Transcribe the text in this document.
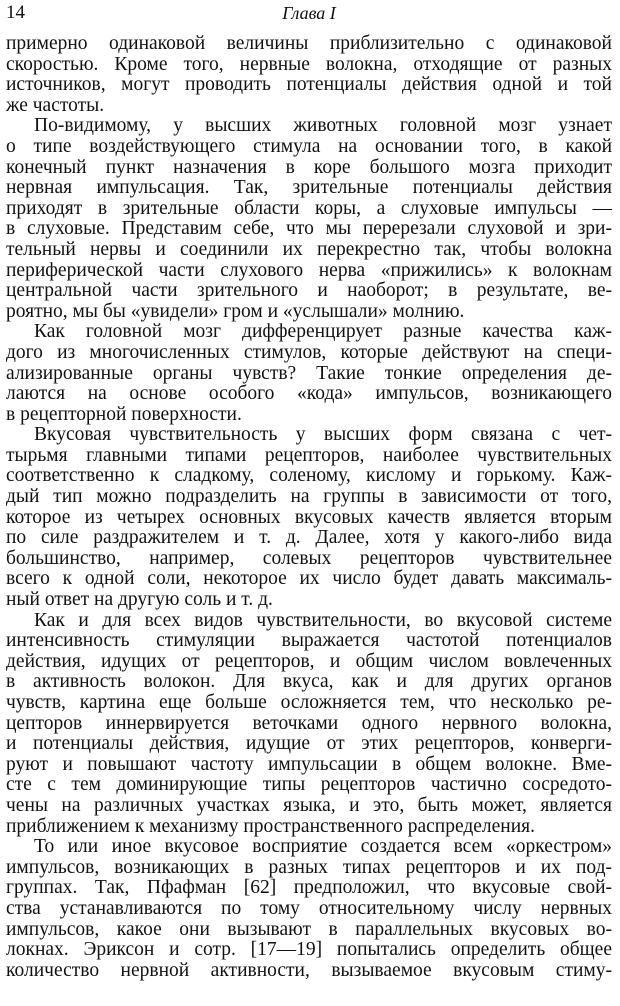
14	Глава I
примерно одинаковой величины приблизительно с одинаковой
скоростью. Кроме того, нервные волокна, отходящие от разных
источников, могут проводить потенциалы действия одной и той
же частоты.
По-видимому, у высших животных головной мозг узнает
о типе воздействующего стимула на основании того, в какой
конечный пункт назначения в коре большого мозга приходит
нервная импульсация. Так, зрительные потенциалы действия
приходят в зрительные области коры, а слуховые импульсы —
в слуховые. Представим себе, что мы перерезали слуховой и зри-
тельный нервы и соединили их перекрестно так, чтобы волокна
периферической части слухового нерва «прижились» к волокнам
центральной части зрительного и наоборот; в результате, ве-
роятно, мы бы «увидели» гром и «услышали» молнию.
Как головной мозг дифференцирует разные качества каж-
дого из многочисленных стимулов, которые действуют на специ-
ализированные органы чувств? Такие тонкие определения де-
лаются на основе особого «кода» импульсов, возникающего
в рецепторной поверхности.
Вкусовая чувствительность у высших форм связана с чет-
тырьмя главными типами рецепторов, наиболее чувствительных
соответственно к сладкому, соленому, кислому и горькому. Каж-
дый тип можно подразделить на группы в зависимости от того,
которое из четырех основных вкусовых качеств является вторым
по силе раздражителем и т. д. Далее, хотя у какого-либо вида
большинство, например, солевых рецепторов чувствительнее
всего к одной соли, некоторое их число будет давать максималь-
ный ответ на другую соль и т. д.
Как и для всех видов чувствительности, во вкусовой системе
интенсивность стимуляции выражается частотой потенциалов
действия, идущих от рецепторов, и общим числом вовлеченных
в активность волокон. Для вкуса, как и для других органов
чувств, картина еще больше осложняется тем, что несколько ре-
цепторов иннервируется веточками одного нервного волокна,
и потенциалы действия, идущие от этих рецепторов, конверги-
руют и повышают частоту импульсации в общем волокне. Вме-
сте с тем доминирующие типы рецепторов частично сосредото-
чены на различных участках языка, и это, быть может, является
приближением к механизму пространственного распределения.
То или иное вкусовое восприятие создается всем «оркестром»
импульсов, возникающих в разных типах рецепторов и их под-
группах. Так, Пфафман [62] предположил, что вкусовые свой-
ства устанавливаются по тому относительному числу нервных
импульсов, какое они вызывают в параллельных вкусовых во-
локнах. Эриксон и сотр. [17—19] попытались определить общее
количество нервной активности, вызываемое вкусовым стиму-
